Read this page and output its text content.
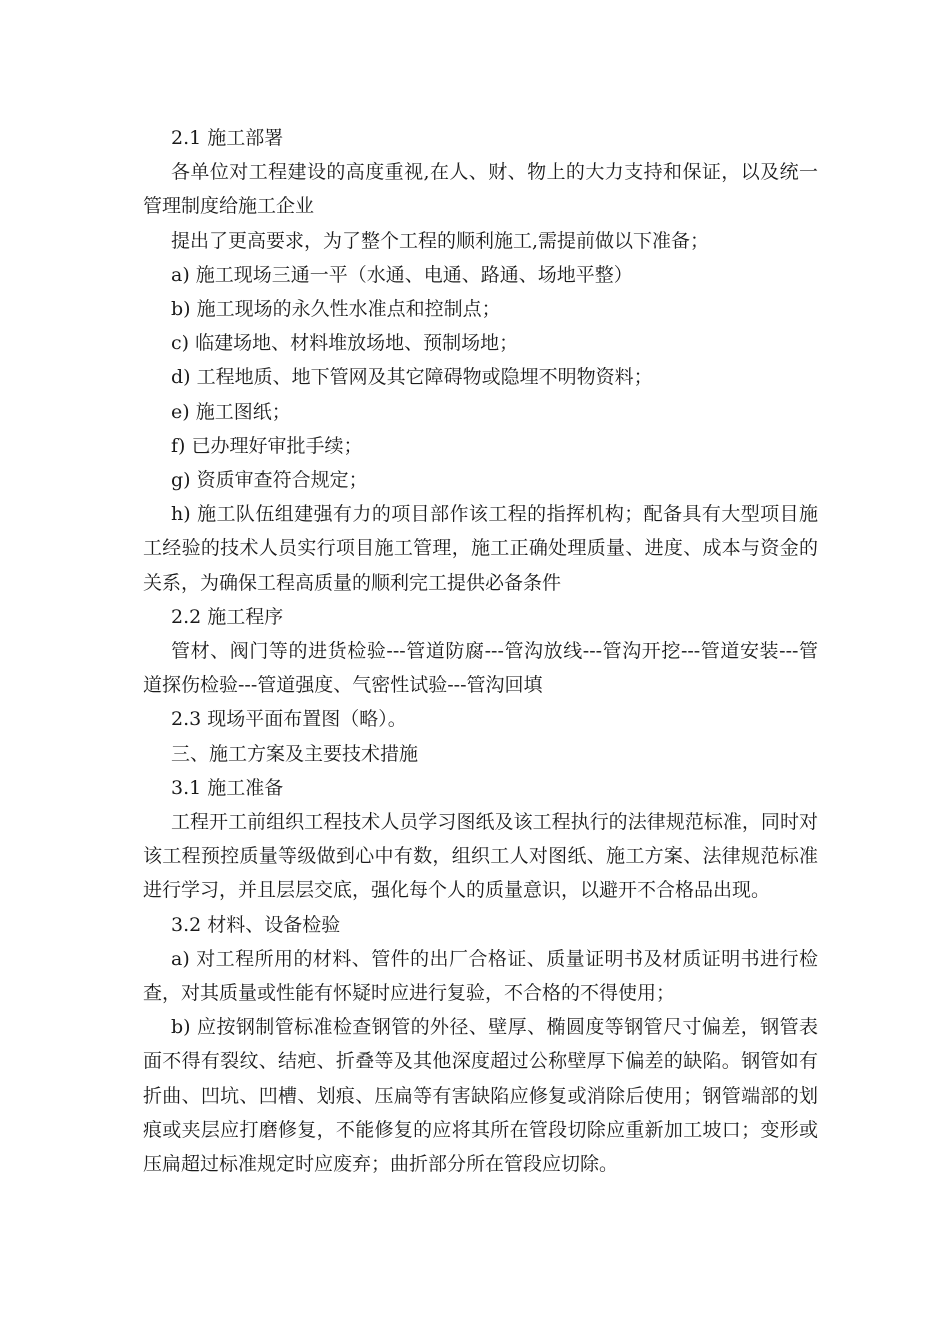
2.1 施工部署

各单位对工程建设的高度重视,在人、财、物上的大力支持和保证，以及统一管理制度给施工企业

提出了更高要求，为了整个工程的顺利施工,需提前做以下准备；

a) 施工现场三通一平（水通、电通、路通、场地平整）

b) 施工现场的永久性水准点和控制点；

c) 临建场地、材料堆放场地、预制场地；

d) 工程地质、地下管网及其它障碍物或隐埋不明物资料；

e) 施工图纸；

f) 已办理好审批手续；

g) 资质审查符合规定；

h) 施工队伍组建强有力的项目部作该工程的指挥机构；配备具有大型项目施工经验的技术人员实行项目施工管理，施工正确处理质量、进度、成本与资金的关系，为确保工程高质量的顺利完工提供必备条件

2.2 施工程序

管材、阀门等的进货检验---管道防腐---管沟放线---管沟开挖---管道安装---管道探伤检验---管道强度、气密性试验---管沟回填

2.3 现场平面布置图（略）。

三、施工方案及主要技术措施

3.1 施工准备

工程开工前组织工程技术人员学习图纸及该工程执行的法律规范标准，同时对该工程预控质量等级做到心中有数，组织工人对图纸、施工方案、法律规范标准进行学习，并且层层交底，强化每个人的质量意识，以避开不合格品出现。

3.2 材料、设备检验

a) 对工程所用的材料、管件的出厂合格证、质量证明书及材质证明书进行检查，对其质量或性能有怀疑时应进行复验，不合格的不得使用；

b) 应按钢制管标准检查钢管的外径、壁厚、椭圆度等钢管尺寸偏差，钢管表面不得有裂纹、结疤、折叠等及其他深度超过公称壁厚下偏差的缺陷。钢管如有折曲、凹坑、凹槽、划痕、压扁等有害缺陷应修复或消除后使用；钢管端部的划痕或夹层应打磨修复，不能修复的应将其所在管段切除应重新加工坡口；变形或压扁超过标准规定时应废弃；曲折部分所在管段应切除。
